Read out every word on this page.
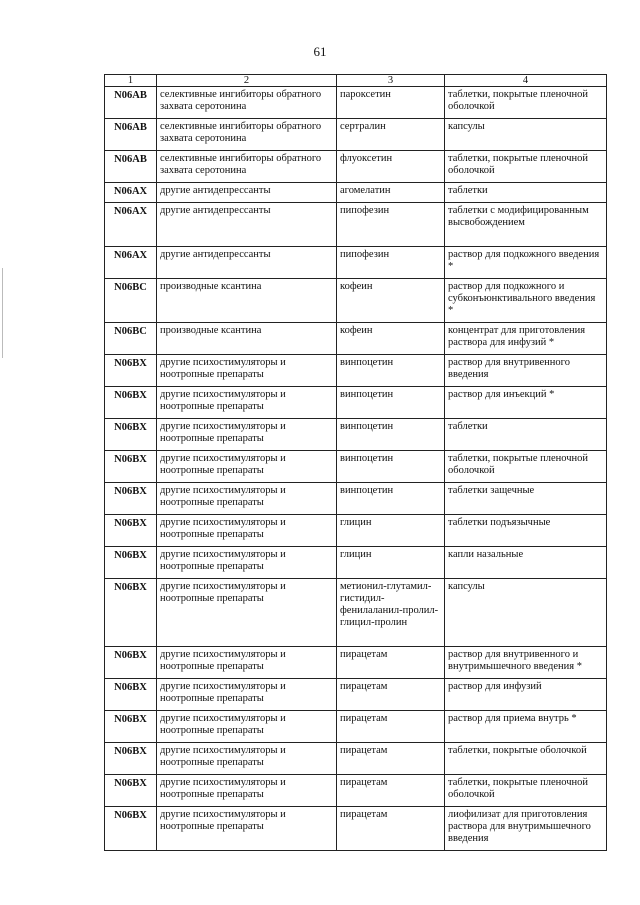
61
1	2	3	4
N06AB	селективные ингибиторы обратного захвата серотонина	пароксетин	таблетки, покрытые пленочной оболочкой
N06AB	селективные ингибиторы обратного захвата серотонина	сертралин	капсулы
N06AB	селективные ингибиторы обратного захвата серотонина	флуоксетин	таблетки, покрытые пленочной оболочкой
N06AX	другие антидепрессанты	агомелатин	таблетки
N06AX	другие антидепрессанты	пипофезин	таблетки с модифицированным высвобождением
N06AX	другие антидепрессанты	пипофезин	раствор для подкожного введения *
N06BC	производные ксантина	кофеин	раствор для подкожного и субконъюнктивального введения *
N06BC	производные ксантина	кофеин	концентрат для приготовления раствора для инфузий *
N06BX	другие психостимуляторы и ноотропные препараты	винпоцетин	раствор для внутривенного введения
N06BX	другие психостимуляторы и ноотропные препараты	винпоцетин	раствор для инъекций *
N06BX	другие психостимуляторы и ноотропные препараты	винпоцетин	таблетки
N06BX	другие психостимуляторы и ноотропные препараты	винпоцетин	таблетки, покрытые пленочной оболочкой
N06BX	другие психостимуляторы и ноотропные препараты	винпоцетин	таблетки защечные
N06BX	другие психостимуляторы и ноотропные препараты	глицин	таблетки подъязычные
N06BX	другие психостимуляторы и ноотропные препараты	глицин	капли назальные
N06BX	другие психостимуляторы и ноотропные препараты	метионил-глутамил-гистидил-фенилаланил-пролил-глицил-пролин	капсулы
N06BX	другие психостимуляторы и ноотропные препараты	пирацетам	раствор для внутривенного и внутримышечного введения *
N06BX	другие психостимуляторы и ноотропные препараты	пирацетам	раствор для инфузий
N06BX	другие психостимуляторы и ноотропные препараты	пирацетам	раствор для приема внутрь *
N06BX	другие психостимуляторы и ноотропные препараты	пирацетам	таблетки, покрытые оболочкой
N06BX	другие психостимуляторы и ноотропные препараты	пирацетам	таблетки, покрытые пленочной оболочкой
N06BX	другие психостимуляторы и ноотропные препараты	пирацетам	лиофилизат для приготовления раствора для внутримышечного введения
